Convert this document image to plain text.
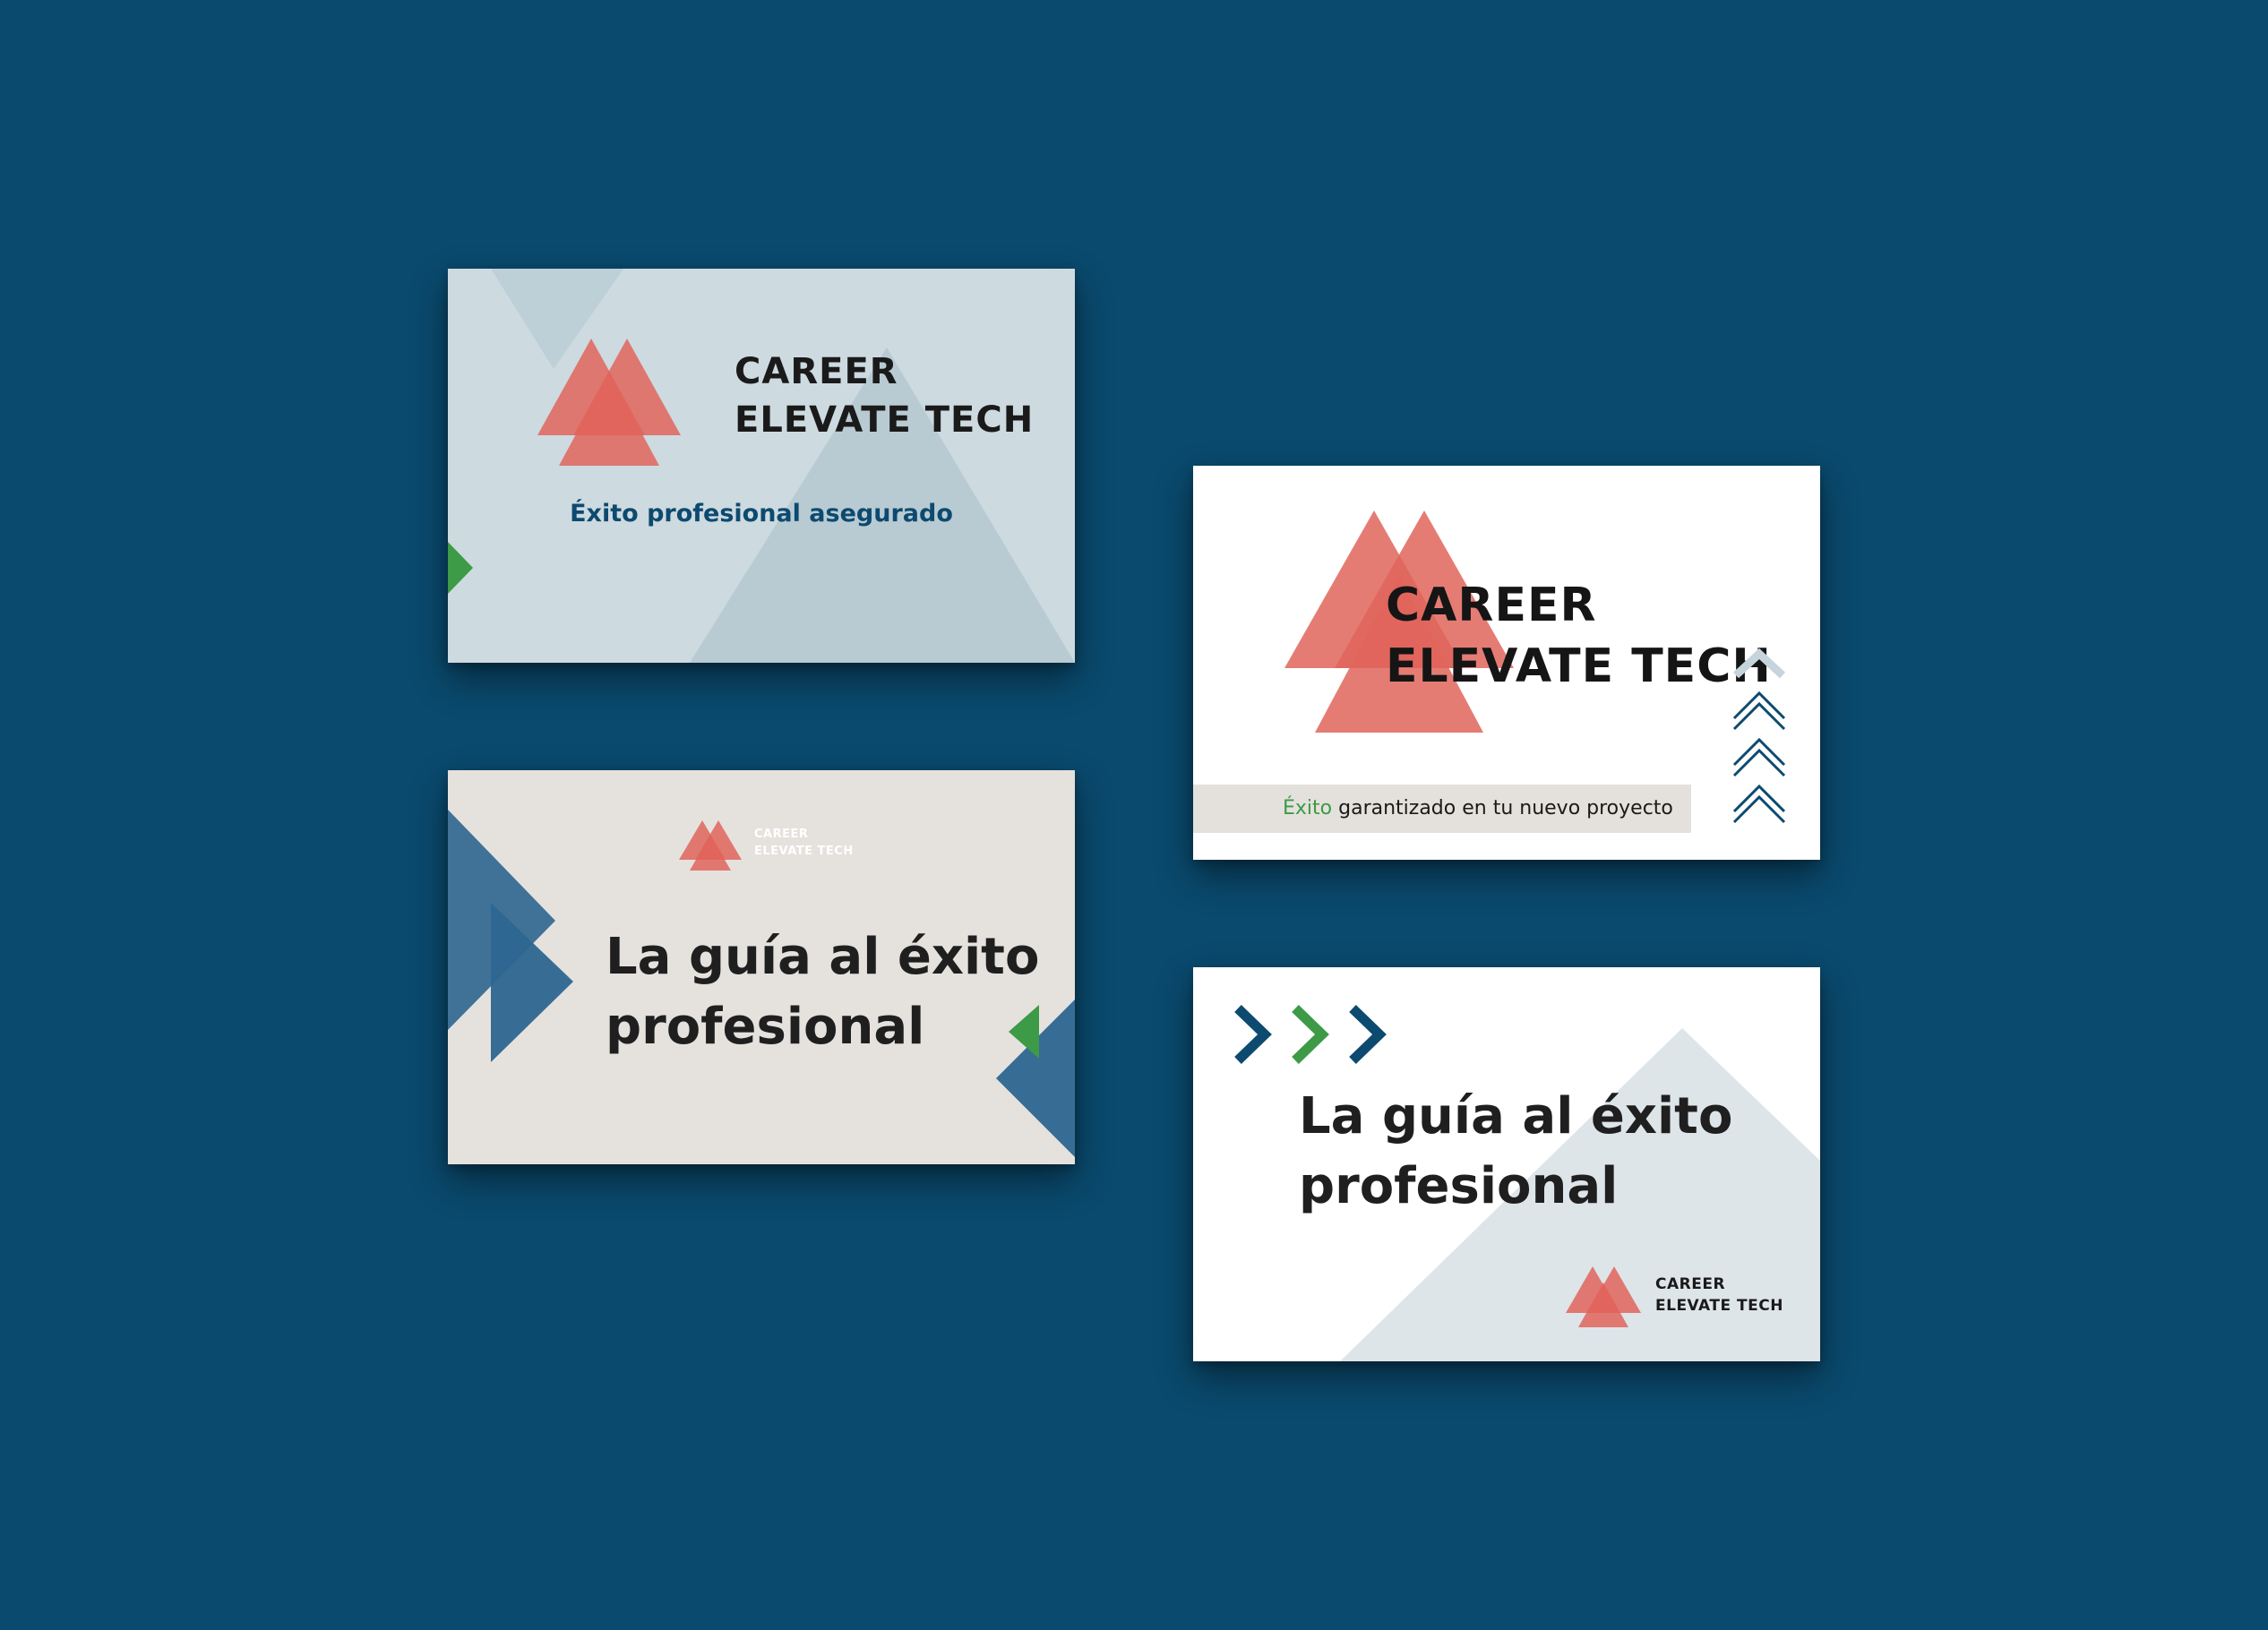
CAREER
ELEVATE TECH
Éxito profesional asegurado
CAREER
ELEVATE TECH
Éxito garantizado en tu nuevo proyecto
CAREER
ELEVATE TECH
La guía al éxito
profesional
La guía al éxito
profesional
CAREER
ELEVATE TECH
